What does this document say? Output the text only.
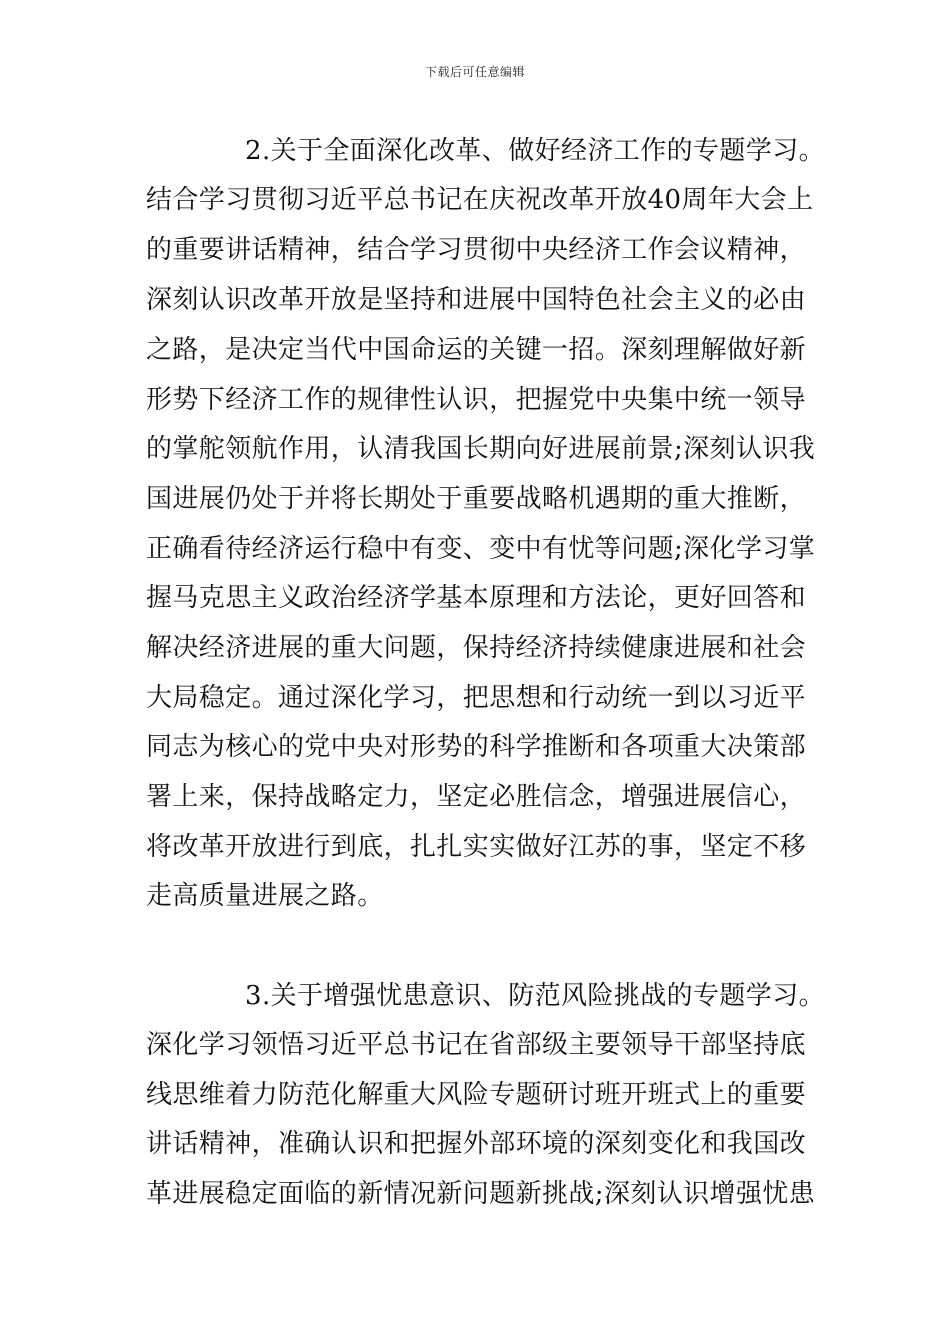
下载后可任意编辑
2.关于全面深化改革、做好经济工作的专题学习。
结合学习贯彻习近平总书记在庆祝改革开放40周年大会上
的重要讲话精神，结合学习贯彻中央经济工作会议精神，
深刻认识改革开放是坚持和进展中国特色社会主义的必由
之路，是决定当代中国命运的关键一招。深刻理解做好新
形势下经济工作的规律性认识，把握党中央集中统一领导
的掌舵领航作用，认清我国长期向好进展前景;深刻认识我
国进展仍处于并将长期处于重要战略机遇期的重大推断，
正确看待经济运行稳中有变、变中有忧等问题;深化学习掌
握马克思主义政治经济学基本原理和方法论，更好回答和
解决经济进展的重大问题，保持经济持续健康进展和社会
大局稳定。通过深化学习，把思想和行动统一到以习近平
同志为核心的党中央对形势的科学推断和各项重大决策部
署上来，保持战略定力，坚定必胜信念，增强进展信心，
将改革开放进行到底，扎扎实实做好江苏的事，坚定不移
走高质量进展之路。
3.关于增强忧患意识、防范风险挑战的专题学习。
深化学习领悟习近平总书记在省部级主要领导干部坚持底
线思维着力防范化解重大风险专题研讨班开班式上的重要
讲话精神，准确认识和把握外部环境的深刻变化和我国改
革进展稳定面临的新情况新问题新挑战;深刻认识增强忧患
